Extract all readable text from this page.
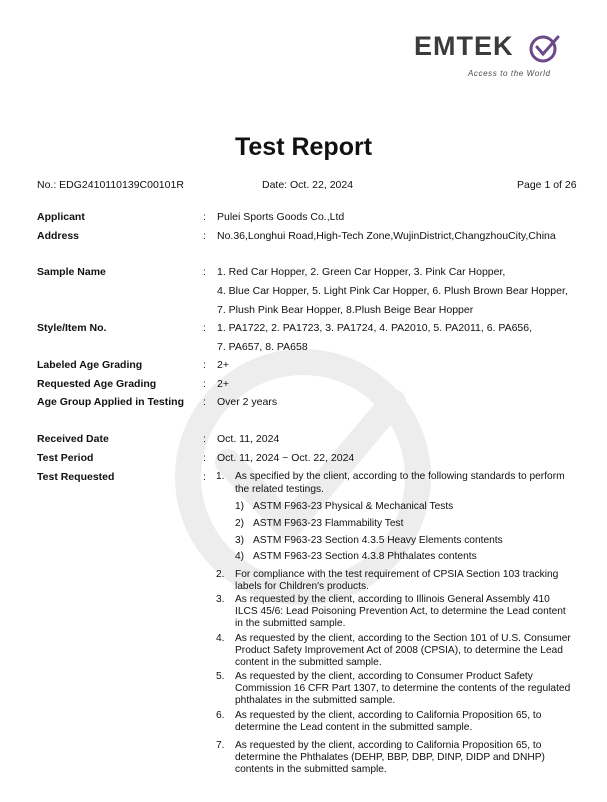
EMTEK
Access to the World
Test Report
No.: EDG2410110139C00101R	Date: Oct. 22, 2024	Page 1 of 26
Applicant	: Pulei Sports Goods Co.,Ltd
Address	: No.36,Longhui Road,High-Tech Zone,WujinDistrict,ChangzhouCity,China
Sample Name	: 1. Red Car Hopper, 2. Green Car Hopper, 3. Pink Car Hopper,
4. Blue Car Hopper, 5. Light Pink Car Hopper, 6. Plush Brown Bear Hopper,
7. Plush Pink Bear Hopper, 8.Plush Beige Bear Hopper
Style/Item No.	: 1. PA1722, 2. PA1723, 3. PA1724, 4. PA2010, 5. PA2011, 6. PA656,
7. PA657, 8. PA658
Labeled Age Grading	: 2+
Requested Age Grading	: 2+
Age Group Applied in Testing : Over 2 years
Received Date	: Oct. 11, 2024
Test Period	: Oct. 11, 2024 ~ Oct. 22, 2024
Test Requested	: 1. As specified by the client, according to the following standards to perform
the related testings.
1) ASTM F963-23 Physical & Mechanical Tests
2) ASTM F963-23 Flammability Test
3) ASTM F963-23 Section 4.3.5 Heavy Elements contents
4) ASTM F963-23 Section 4.3.8 Phthalates contents
2. For compliance with the test requirement of CPSIA Section 103 tracking
labels for Children's products.
3. As requested by the client, according to Illinois General Assembly 410
ILCS 45/6: Lead Poisoning Prevention Act, to determine the Lead content
in the submitted sample.
4. As requested by the client, according to the Section 101 of U.S. Consumer
Product Safety Improvement Act of 2008 (CPSIA), to determine the Lead
content in the submitted sample.
5. As requested by the client, according to Consumer Product Safety
Commission 16 CFR Part 1307, to determine the contents of the regulated
phthalates in the submitted sample.
6. As requested by the client, according to California Proposition 65, to
determine the Lead content in the submitted sample.
7. As requested by the client, according to California Proposition 65, to
determine the Phthalates (DEHP, BBP, DBP, DINP, DIDP and DNHP)
contents in the submitted sample.
